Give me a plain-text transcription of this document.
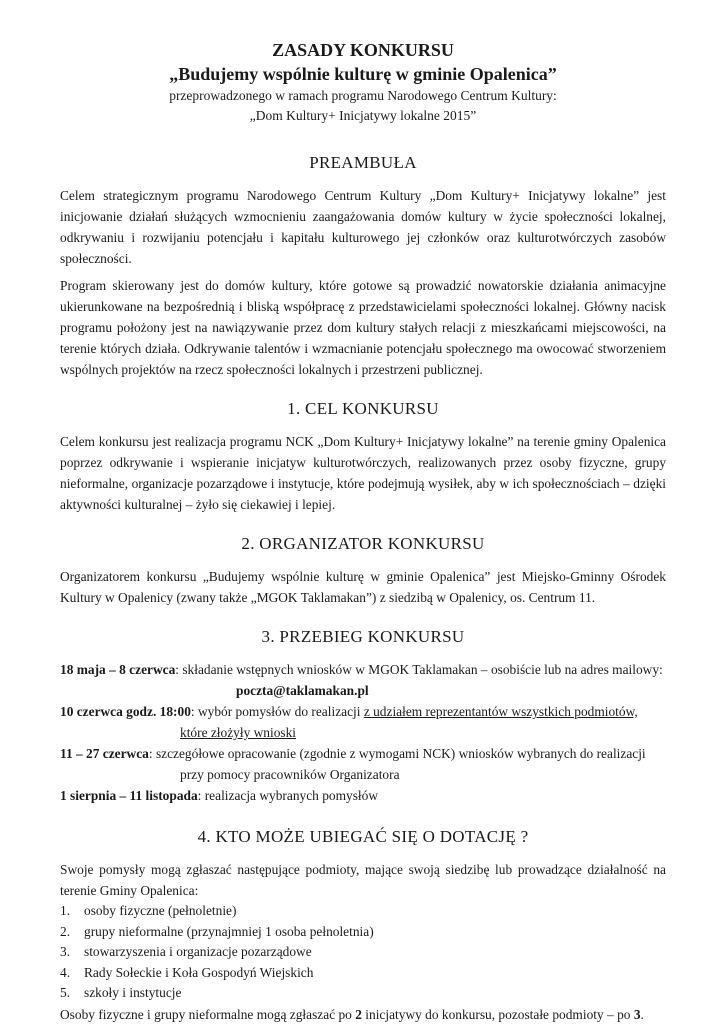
ZASADY KONKURSU

„Budujemy wspólnie kulturę w gminie Opalenica”

przeprowadzonego w ramach programu Narodowego Centrum Kultury:

„Dom Kultury+ Inicjatywy lokalne 2015”

PREAMBUŁA

Celem strategicznym programu Narodowego Centrum Kultury „Dom Kultury+ Inicjatywy lokalne” jest inicjowanie działań służących wzmocnieniu zaangażowania domów kultury w życie społeczności lokalnej, odkrywaniu i rozwijaniu potencjału i kapitału kulturowego jej członków oraz kulturotwórczych zasobów społeczności.

Program skierowany jest do domów kultury, które gotowe są prowadzić nowatorskie działania animacyjne ukierunkowane na bezpośrednią i bliską współpracę z przedstawicielami społeczności lokalnej. Główny nacisk programu położony jest na nawiązywanie przez dom kultury stałych relacji z mieszkańcami miejscowości, na terenie których działa. Odkrywanie talentów i wzmacnianie potencjału społecznego ma owocować stworzeniem wspólnych projektów na rzecz społeczności lokalnych i przestrzeni publicznej.

1. CEL KONKURSU

Celem konkursu jest realizacja programu NCK „Dom Kultury+ Inicjatywy lokalne” na terenie gminy Opalenica poprzez odkrywanie i wspieranie inicjatyw kulturotwórczych, realizowanych przez osoby fizyczne, grupy nieformalne, organizacje pozarządowe i instytucje, które podejmują wysiłek, aby w ich społecznościach – dzięki aktywności kulturalnej – żyło się ciekawiej i lepiej.

2. ORGANIZATOR KONKURSU

Organizatorem konkursu „Budujemy wspólnie kulturę w gminie Opalenica” jest Miejsko-Gminny Ośrodek Kultury w Opalenicy (zwany także „MGOK Taklamakan”) z siedzibą w Opalenicy, os. Centrum 11.

3. PRZEBIEG KONKURSU
18 maja – 8 czerwca: składanie wstępnych wniosków w MGOK Taklamakan – osobiście lub na adres mailowy:
poczta@taklamakan.pl
10 czerwca godz. 18:00: wybór pomysłów do realizacji z udziałem reprezentantów wszystkich podmiotów,
które złożyły wnioski
11 – 27 czerwca: szczegółowe opracowanie (zgodnie z wymogami NCK) wniosków wybranych do realizacji
przy pomocy pracowników Organizatora
1 sierpnia – 11 listopada: realizacja wybranych pomysłów
4. KTO MOŻE UBIEGAĆ SIĘ O DOTACJĘ ?

Swoje pomysły mogą zgłaszać następujące podmioty, mające swoją siedzibę lub prowadzące działalność na terenie Gminy Opalenica:

1. osoby fizyczne (pełnoletnie)
2. grupy nieformalne (przynajmniej 1 osoba pełnoletnia)
3. stowarzyszenia i organizacje pozarządowe
4. Rady Sołeckie i Koła Gospodyń Wiejskich
5. szkoły i instytucje

Osoby fizyczne i grupy nieformalne mogą zgłaszać po 2 inicjatywy do konkursu, pozostałe podmioty – po 3.
